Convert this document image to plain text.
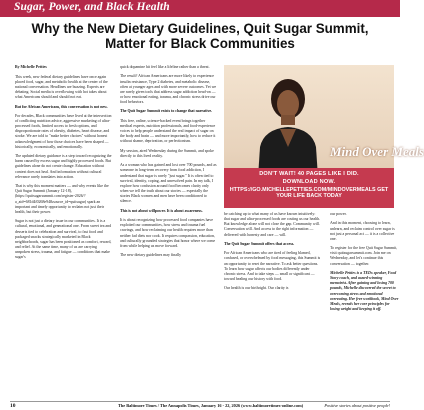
Sugar, Power, and Black Health
Why the New Dietary Guidelines, Quit Sugar Summit,
Matter for Black Communities

By Michelle Petties

This week, new federal dietary guidelines have once again placed food, sugar, and metabolic health at the center of the national conversation. Headlines are buzzing. Experts are debating. Social media is overflowing with hot takes about what Americans should and should not eat.

But for African Americans, this conversation is not new.

For decades, Black communities have lived at the intersection of conflicting nutrition advice, aggressive marketing of ultra-processed foods, limited access to fresh options, and disproportionate rates of obesity, diabetes, heart disease, and stroke. We are told to "make better choices" without honest acknowledgment of how those choices have been shaped — historically, economically, and emotionally.

The updated dietary guidance is a step toward recognizing the harm caused by excess sugar and highly processed foods. But guidelines alone do not create change. Education without context does not heal. And information without cultural relevance rarely translates into action.

That is why this moment matters — and why events like the Quit Sugar Summit (January 12-18), (https://quitsugarsummit.com/register-2026/?a_aid=681d4f0268e94&source_id=quitsugar) spark an important and timely opportunity to reclaim not just their health, but their power.

Sugar is not just a dietary issue in our communities. It is a cultural, emotional, and generational one. From sweet tea and desserts tied to celebration and survival, to fast food and packaged snacks strategically marketed in Black neighborhoods, sugar has been positioned as comfort, reward, and relief. At the same time, many of us are carrying unspoken stress, trauma, and fatigue — conditions that make sugar's

quick dopamine hit feel like a lifeline rather than a threat.

The result? African Americans are more likely to experience insulin resistance, Type 2 diabetes, and metabolic disease, often at younger ages and with more severe outcomes. Yet we are rarely given tools that address sugar addiction head-on — or how emotional eating, trauma, and chronic stress drive our food behaviors.

The Quit Sugar Summit exists to change that narrative.

This free, online, science-backed event brings together medical experts, nutrition professionals, and food-experience voices to help people understand the real impact of sugar on the body and brain — and more importantly, how to reduce it without shame, deprivation, or perfectionism.

My session, aired Wednesday during the Summit, and spoke directly to this lived reality.

As a woman who has gained and lost over 700 pounds, and as someone in long-term recovery from food addiction, I understand that sugar is rarely "just sugar." It is often tied to survival, identity, coping, and unresolved pain. In my talk, I explore how confusion around food becomes clarity only when we tell the truth about our stories — especially the stories Black women and men have been conditioned to silence.

This is not about willpower. It is about awareness.

It is about recognizing how processed food companies have exploited our communities, how stress and trauma fuel cravings, and how reclaiming our health requires more than neither fad diets nor cook. It requires compassion, education, and culturally grounded strategies that honor where we come from while helping us move forward.

The new dietary guidelines may finally

Mind Over Meals
DON'T WAIT! 40 PAGES LIKE I DID.
DOWNLOAD NOW.
HTTPS://GO.MICHELLEPETTIES.COM/MINDOVERMEALS GET YOUR LIFE BACK TODAY

be catching up to what many of us have known intuitively: that sugar and ultra-processed foods are costing us our health. But knowledge alone will not close the gap. Community will. Conversation will. And access to the right information — delivered with honesty and care — will.

The Quit Sugar Summit offers that access.

For African Americans who are tired of feeling blamed, confused, or overwhelmed by food messaging, this Summit is an opportunity to reset the narrative. To ask better questions. To learn how sugar affects our bodies differently under chronic stress. And to take steps — small or significant — toward healing our history with food.

Our health is our birthright. Our clarity is

our power.

And in this moment, choosing to learn, unlearn, and reclaim control over sugar is not just a personal act — it is a collective one.

To register for the free Quit Sugar Summit, visit quitsugarsummit.com. Join me on Wednesday, and let's continue this conversation — together.

Michelle Petties is a TEDx speaker, Food Story coach, and award-winning memoirist. After gaining and losing 700 pounds, Michelle discovered the secret to overcoming stress and emotional overeating. Her free workbook, Mind Over Meals, reveals her core principles for losing weight and keeping it off.

10	The Baltimore Times / The Annapolis Times, January 16 - 22, 2026 (www.baltimoretimes-online.com)	Positive stories about positive people!
